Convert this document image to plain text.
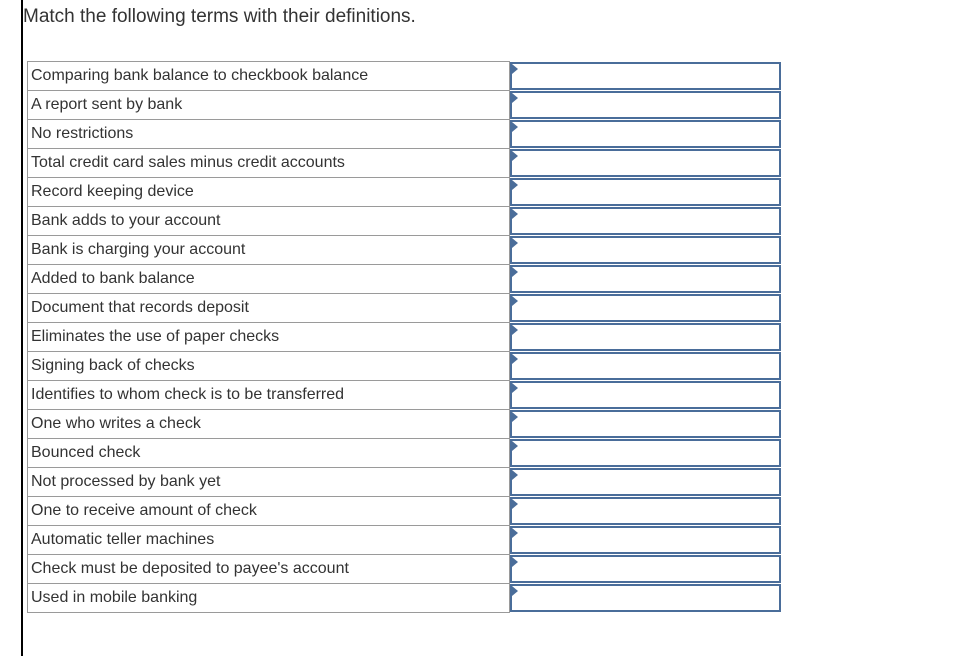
Match the following terms with their definitions.
Comparing bank balance to checkbook balance	

A report sent by bank	

No restrictions	

Total credit card sales minus credit accounts	

Record keeping device	

Bank adds to your account	

Bank is charging your account	

Added to bank balance	

Document that records deposit	

Eliminates the use of paper checks	

Signing back of checks	

Identifies to whom check is to be transferred	

One who writes a check	

Bounced check	

Not processed by bank yet	

One to receive amount of check	

Automatic teller machines	

Check must be deposited to payee's account	

Used in mobile banking	
